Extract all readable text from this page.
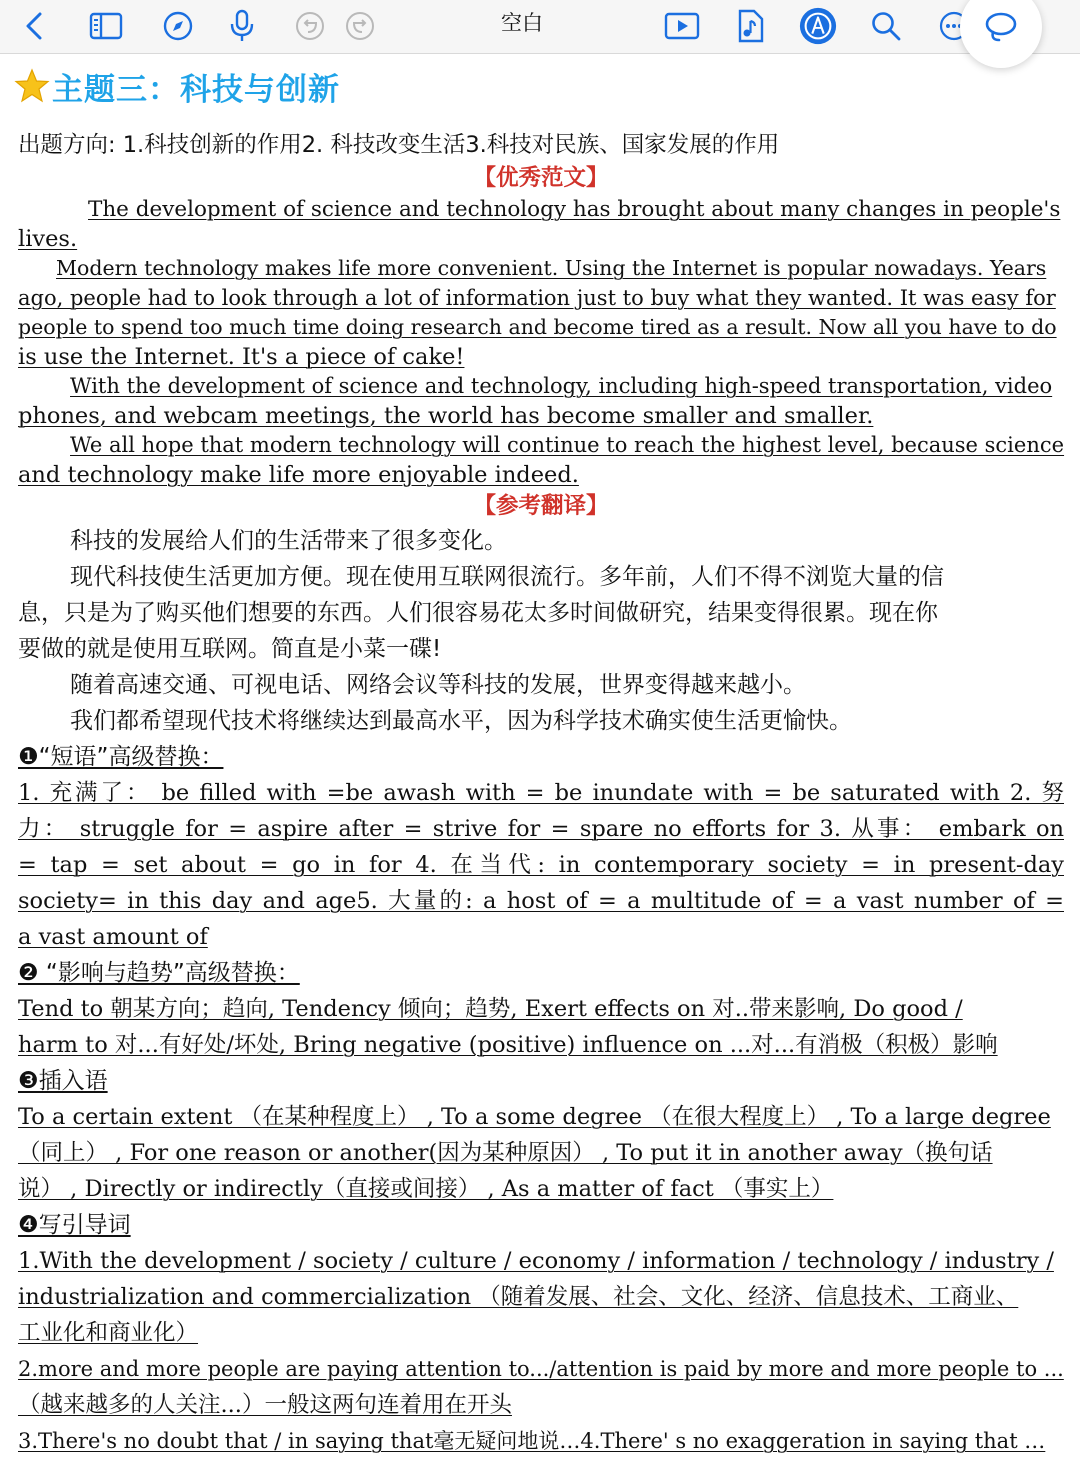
空白
主题三：科技与创新
出题方向: 1.科技创新的作用2. 科技改变生活3.科技对民族、国家发展的作用
【优秀范文】
The development of science and technology has brought about many changes in people's
lives.
Modern technology makes life more convenient. Using the Internet is popular nowadays. Years
ago, people had to look through a lot of information just to buy what they wanted. It was easy for
people to spend too much time doing research and become tired as a result. Now all you have to do
is use the Internet. It's a piece of cake!
With the development of science and technology, including high-speed transportation, video
phones, and webcam meetings, the world has become smaller and smaller.
We all hope that modern technology will continue to reach the highest level, because science
and technology make life more enjoyable indeed.
【参考翻译】
科技的发展给人们的生活带来了很多变化。
现代科技使生活更加方便。现在使用互联网很流行。多年前，人们不得不浏览大量的信
息，只是为了购买他们想要的东西。人们很容易花太多时间做研究，结果变得很累。现在你
要做的就是使用互联网。简直是小菜一碟!
随着高速交通、可视电话、网络会议等科技的发展，世界变得越来越小。
我们都希望现代技术将继续达到最高水平，因为科学技术确实使生活更愉快。
❶“短语”高级替换：
1. 充满了： be filled with =be awash with = be inundate with = be saturated with 2. 努
力： struggle for = aspire after = strive for = spare no efforts for 3. 从事： embark on
= tap = set about = go in for 4. 在当代: in contemporary society = in present-day
society= in this day and age5. 大量的: a host of = a multitude of = a vast number of =
a vast amount of
❷ “影响与趋势”高级替换：
Tend to 朝某方向；趋向, Tendency 倾向；趋势, Exert effects on 对..带来影响, Do good /
harm to 对...有好处/坏处, Bring negative (positive) influence on ...对...有消极（积极）影响
❸插入语
To a certain extent （在某种程度上） , To a some degree （在很大程度上） , To a large degree
（同上） , For one reason or another(因为某种原因） , To put it in another away（换句话
说） , Directly or indirectly（直接或间接） , As a matter of fact （事实上）
❹写引导词
1.With the development / society / culture / economy / information / technology / industry /
industrialization and commercialization （随着发展、社会、文化、经济、信息技术、工商业、
工业化和商业化）
2.more and more people are paying attention to.../attention is paid by more and more people to ...
（越来越多的人关注...）一般这两句连着用在开头
3.There's no doubt that / in saying that毫无疑问地说…4.There' s no exaggeration in saying that …
